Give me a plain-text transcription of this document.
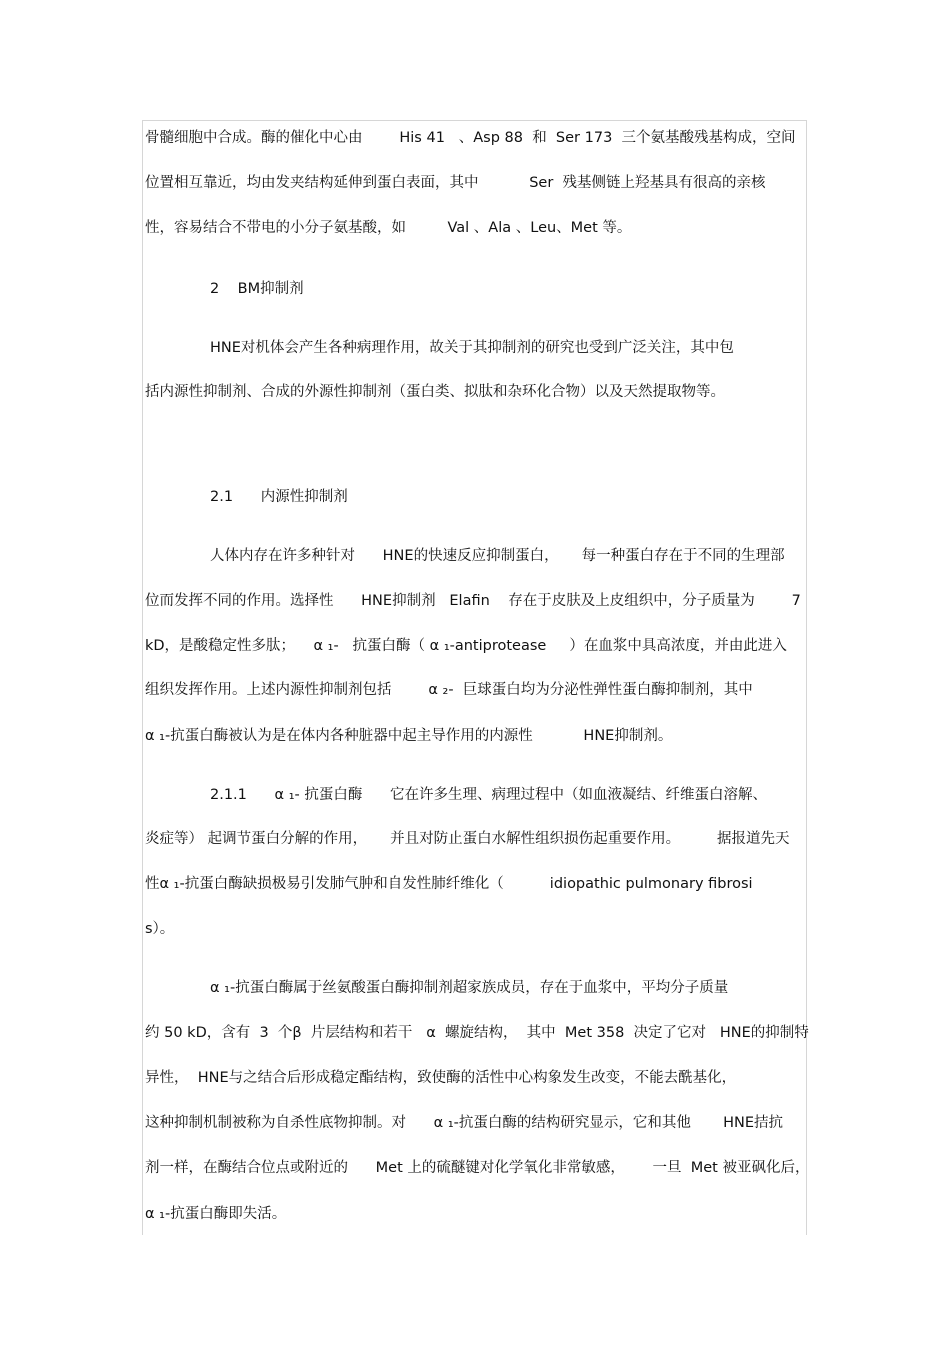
骨髓细胞中合成。酶的催化中心由        His 41   、Asp 88  和  Ser 173  三个氨基酸残基构成，空间
位置相互靠近，均由发夹结构延伸到蛋白表面，其中           Ser  残基侧链上羟基具有很高的亲核
性，容易结合不带电的小分子氨基酸，如         Val 、Ala 、Leu、Met 等。
2    BM抑制剂
HNE对机体会产生各种病理作用，故关于其抑制剂的研究也受到广泛关注，其中包
括内源性抑制剂、合成的外源性抑制剂（蛋白类、拟肽和杂环化合物）以及天然提取物等。
2.1      内源性抑制剂
人体内存在许多种针对      HNE的快速反应抑制蛋白，     每一种蛋白存在于不同的生理部
位而发挥不同的作用。选择性      HNE抑制剂   Elafin    存在于皮肤及上皮组织中，分子质量为        7
kD，是酸稳定性多肽；    α ₁-   抗蛋白酶（ α ₁-antiprotease     ）在血浆中具高浓度，并由此进入
组织发挥作用。上述内源性抑制剂包括        α ₂-  巨球蛋白均为分泌性弹性蛋白酶抑制剂，其中
α ₁-抗蛋白酶被认为是在体内各种脏器中起主导作用的内源性           HNE抑制剂。
2.1.1      α ₁- 抗蛋白酶      它在许多生理、病理过程中（如血液凝结、纤维蛋白溶解、
炎症等） 起调节蛋白分解的作用，     并且对防止蛋白水解性组织损伤起重要作用。        据报道先天
性α ₁-抗蛋白酶缺损极易引发肺气肿和自发性肺纤维化（          idiopathic pulmonary fibrosi
s）。
α ₁-抗蛋白酶属于丝氨酸蛋白酶抑制剂超家族成员，存在于血浆中，平均分子质量
约 50 kD，含有  3  个β  片层结构和若干   α  螺旋结构，  其中  Met 358  决定了它对   HNE的抑制特
异性，  HNE与之结合后形成稳定酯结构，致使酶的活性中心构象发生改变，不能去酰基化，
这种抑制机制被称为自杀性底物抑制。对      α ₁-抗蛋白酶的结构研究显示，它和其他       HNE拮抗
剂一样，在酶结合位点或附近的      Met 上的硫醚键对化学氧化非常敏感，      一旦  Met 被亚砜化后，
α ₁-抗蛋白酶即失活。
